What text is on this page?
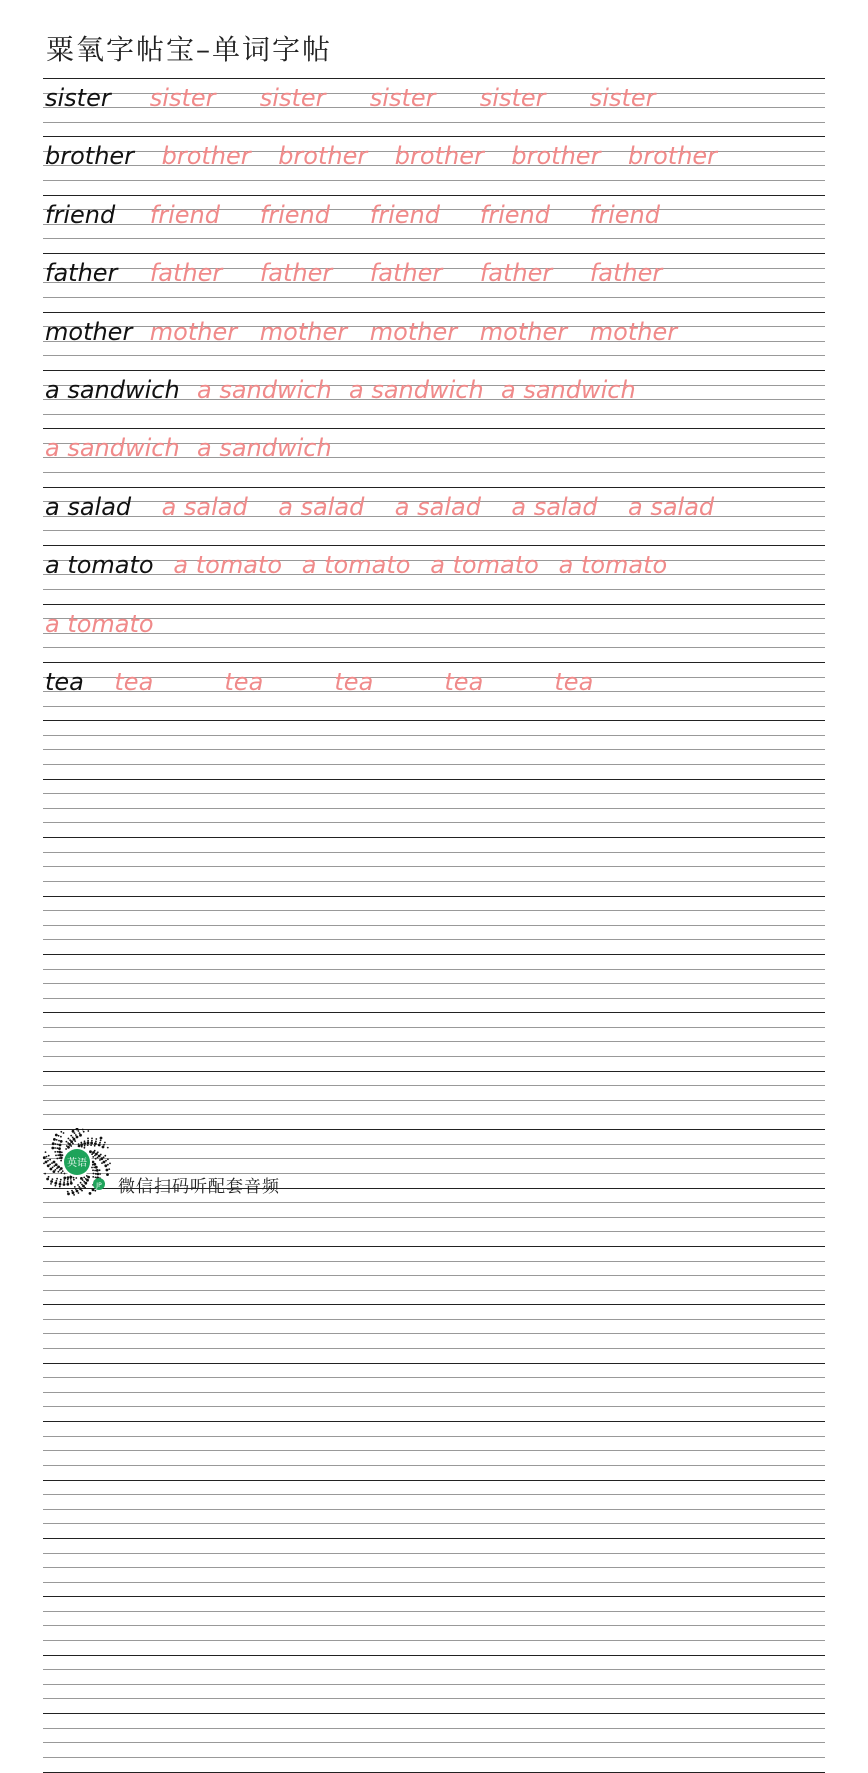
粟氧字帖宝–单词字帖
sister sister sister sister sister sister
brother brother brother brother brother brother
friend friend friend friend friend friend
father father father father father father
mother mother mother mother mother mother
a sandwich a sandwich a sandwich a sandwich
a sandwich a sandwich
a salad a salad a salad a salad a salad a salad
a tomato a tomato a tomato a tomato a tomato
a tomato
tea tea	tea	tea	tea	tea
英语
JP 微信扫码听配套音频
